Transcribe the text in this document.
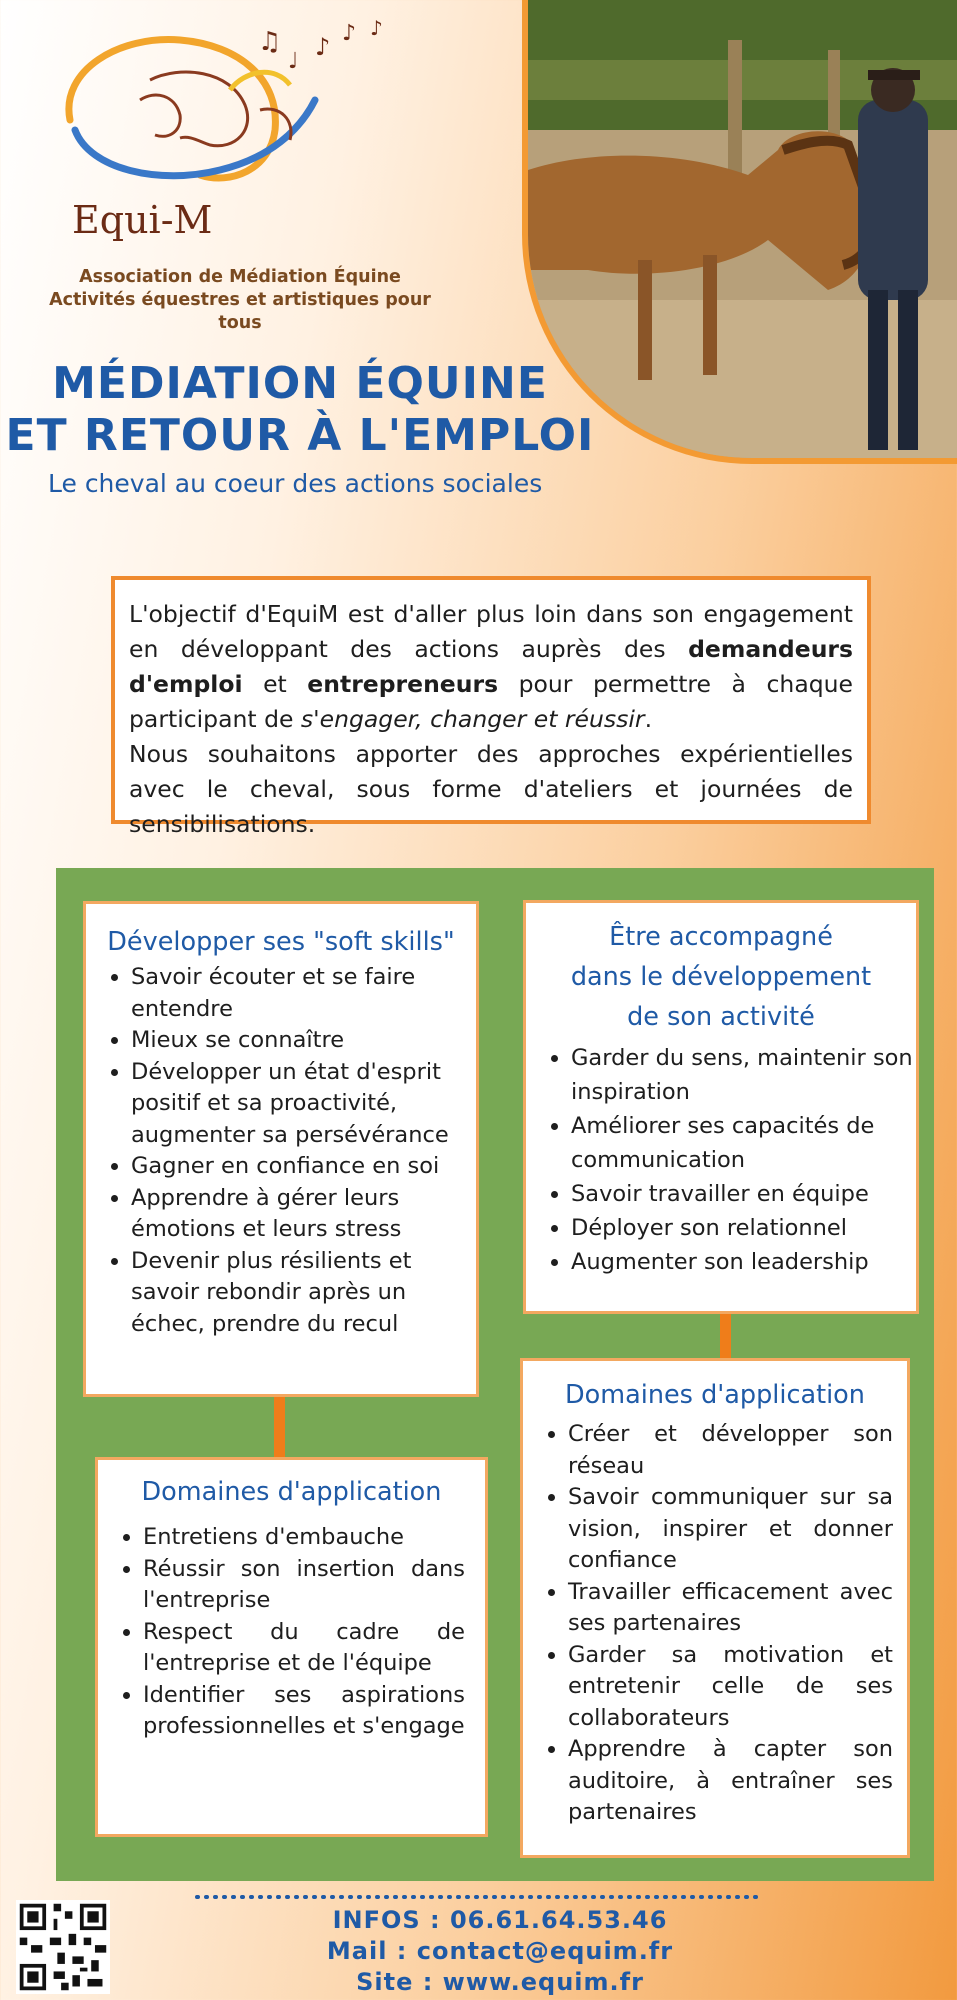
♫
♩
♪ ♪ ♪
Equi-M
Association de Médiation Équine
Activités équestres et artistiques pour tous
MÉDIATION ÉQUINE
ET RETOUR À L'EMPLOI
Le cheval au coeur des actions sociales

L'objectif d'EquiM est d'aller plus loin dans son engagement en développant des actions auprès des demandeurs d'emploi et entrepreneurs pour permettre à chaque participant de s'engager, changer et réussir.

Nous souhaitons apporter des approches expérientielles avec le cheval, sous forme d'ateliers et journées de sensibilisations.

Développer ses "soft skills"
• Savoir écouter et se faire entendre
• Mieux se connaître
• Développer un état d'esprit positif et sa proactivité, augmenter sa persévérance
• Gagner en confiance en soi
• Apprendre à gérer leurs émotions et leurs stress
• Devenir plus résilients et savoir rebondir après un échec, prendre du recul
Être accompagné
dans le développement
de son activité
• Garder du sens, maintenir son inspiration
• Améliorer ses capacités de communication
• Savoir travailler en équipe
• Déployer son relationnel
• Augmenter son leadership
Domaines d'application
• Entretiens d'embauche
• Réussir son insertion dans l'entreprise
• Respect du cadre de l'entreprise et de l'équipe
• Identifier ses aspirations professionnelles et s'engage
Domaines d'application
• Créer et développer son réseau
• Savoir communiquer sur sa vision, inspirer et donner confiance
• Travailler efficacement avec ses partenaires
• Garder sa motivation et entretenir celle de ses collaborateurs
• Apprendre à capter son auditoire, à entraîner ses partenaires
INFOS : 06.61.64.53.46
Mail : contact@equim.fr
Site : www.equim.fr
